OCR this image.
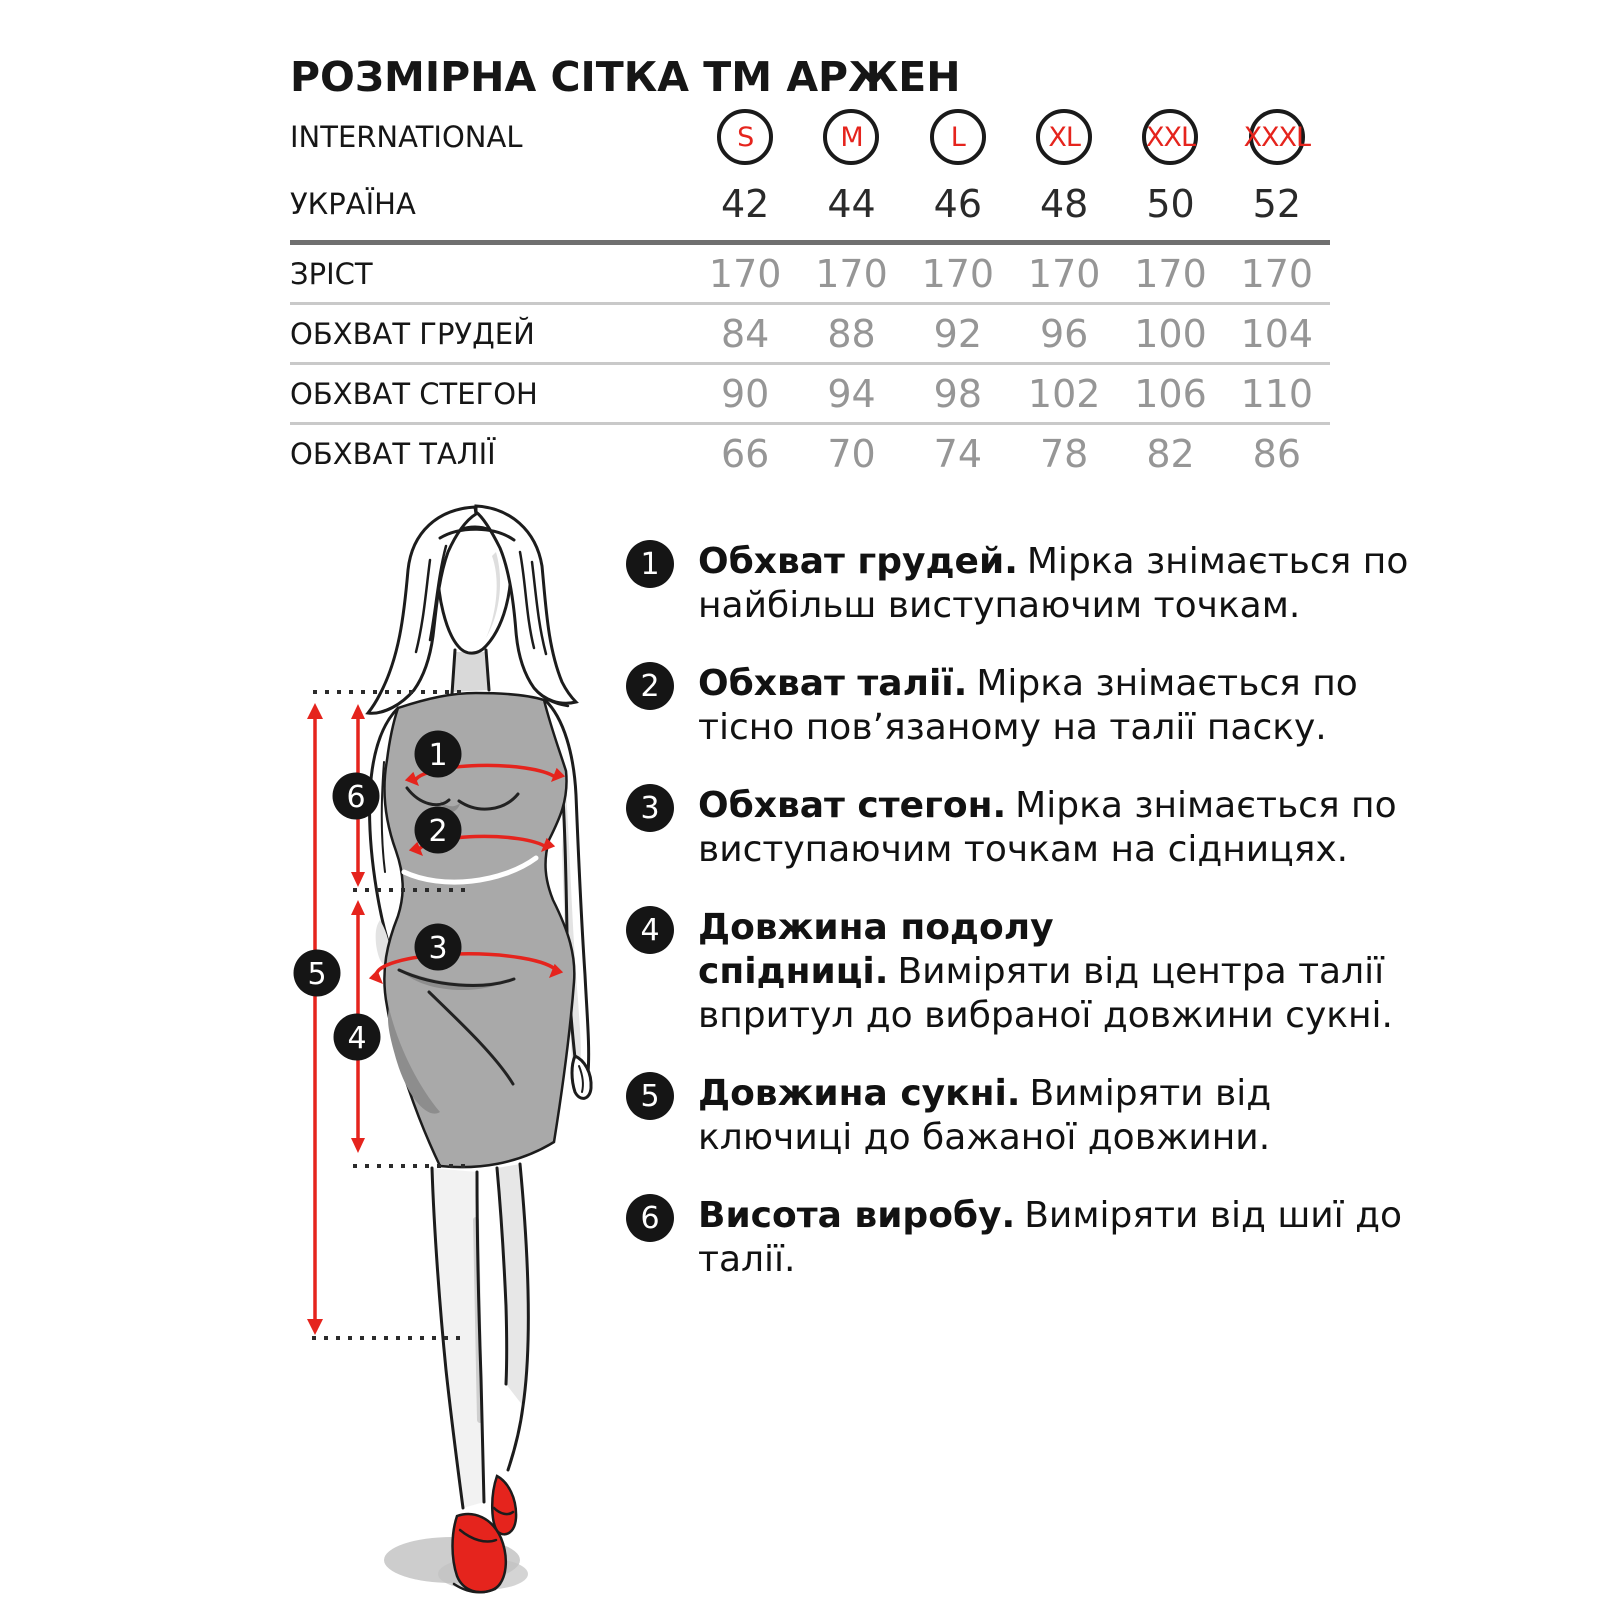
РОЗМІРНА СІТКА ТМ АРЖЕН
INTERNATIONAL	S	M	L	XL	XXL	XXXL
УКРАЇНА	42	44	46	48	50	52
ЗРІСТ	170 170 170 170 170 170
ОБХВАТ ГРУДЕЙ	84	88	92	96	100 104
ОБХВАТ СТЕГОН	90	94	98	102 106 110
ОБХВАТ ТАЛІЇ	66	70	74	78	82	86
1
2
3
4
5
6
1	Обхват грудей. Мірка знімається по найбільш виступаючим точкам.

2	Обхват талії. Мірка знімається по тісно пов’язаному на талії паску.

3	Обхват стегон. Мірка знімається по виступаючим точкам на сідницях.

4	Довжина подолу спідниці. Виміряти від центра талії впритул до вибраної довжини сукні.

5	Довжина сукні. Виміряти від ключиці до бажаної довжини.

6	Висота виробу. Виміряти від шиї до талії.
